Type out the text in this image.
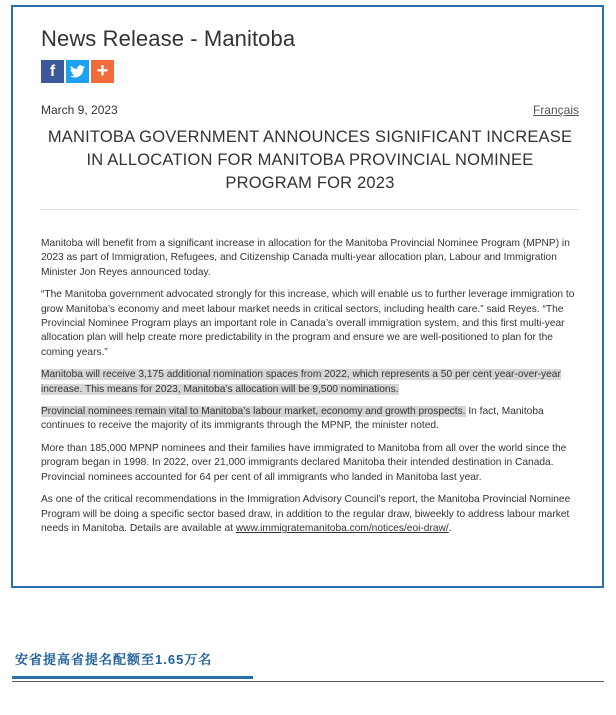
News Release - Manitoba
f +
March 9, 2023	Français
MANITOBA GOVERNMENT ANNOUNCES SIGNIFICANT INCREASE IN ALLOCATION FOR MANITOBA PROVINCIAL NOMINEE PROGRAM FOR 2023

Manitoba will benefit from a significant increase in allocation for the Manitoba Provincial Nominee Program (MPNP) in 2023 as part of Immigration, Refugees, and Citizenship Canada multi-year allocation plan, Labour and Immigration Minister Jon Reyes announced today.

“The Manitoba government advocated strongly for this increase, which will enable us to further leverage immigration to grow Manitoba’s economy and meet labour market needs in critical sectors, including health care.” said Reyes. “The Provincial Nominee Program plays an important role in Canada’s overall immigration system, and this first multi-year allocation plan will help create more predictability in the program and ensure we are well-positioned to plan for the coming years.”

Manitoba will receive 3,175 additional nomination spaces from 2022, which represents a 50 per cent year-over-year increase. This means for 2023, Manitoba’s allocation will be 9,500 nominations.

Provincial nominees remain vital to Manitoba’s labour market, economy and growth prospects. In fact, Manitoba continues to receive the majority of its immigrants through the MPNP, the minister noted.

More than 185,000 MPNP nominees and their families have immigrated to Manitoba from all over the world since the program began in 1998. In 2022, over 21,000 immigrants declared Manitoba their intended destination in Canada. Provincial nominees accounted for 64 per cent of all immigrants who landed in Manitoba last year.

As one of the critical recommendations in the Immigration Advisory Council’s report, the Manitoba Provincial Nominee Program will be doing a specific sector based draw, in addition to the regular draw, biweekly to address labour market needs in Manitoba. Details are available at www.immigratemanitoba.com/notices/eoi-draw/.

安省提高省提名配额至1.65万名
